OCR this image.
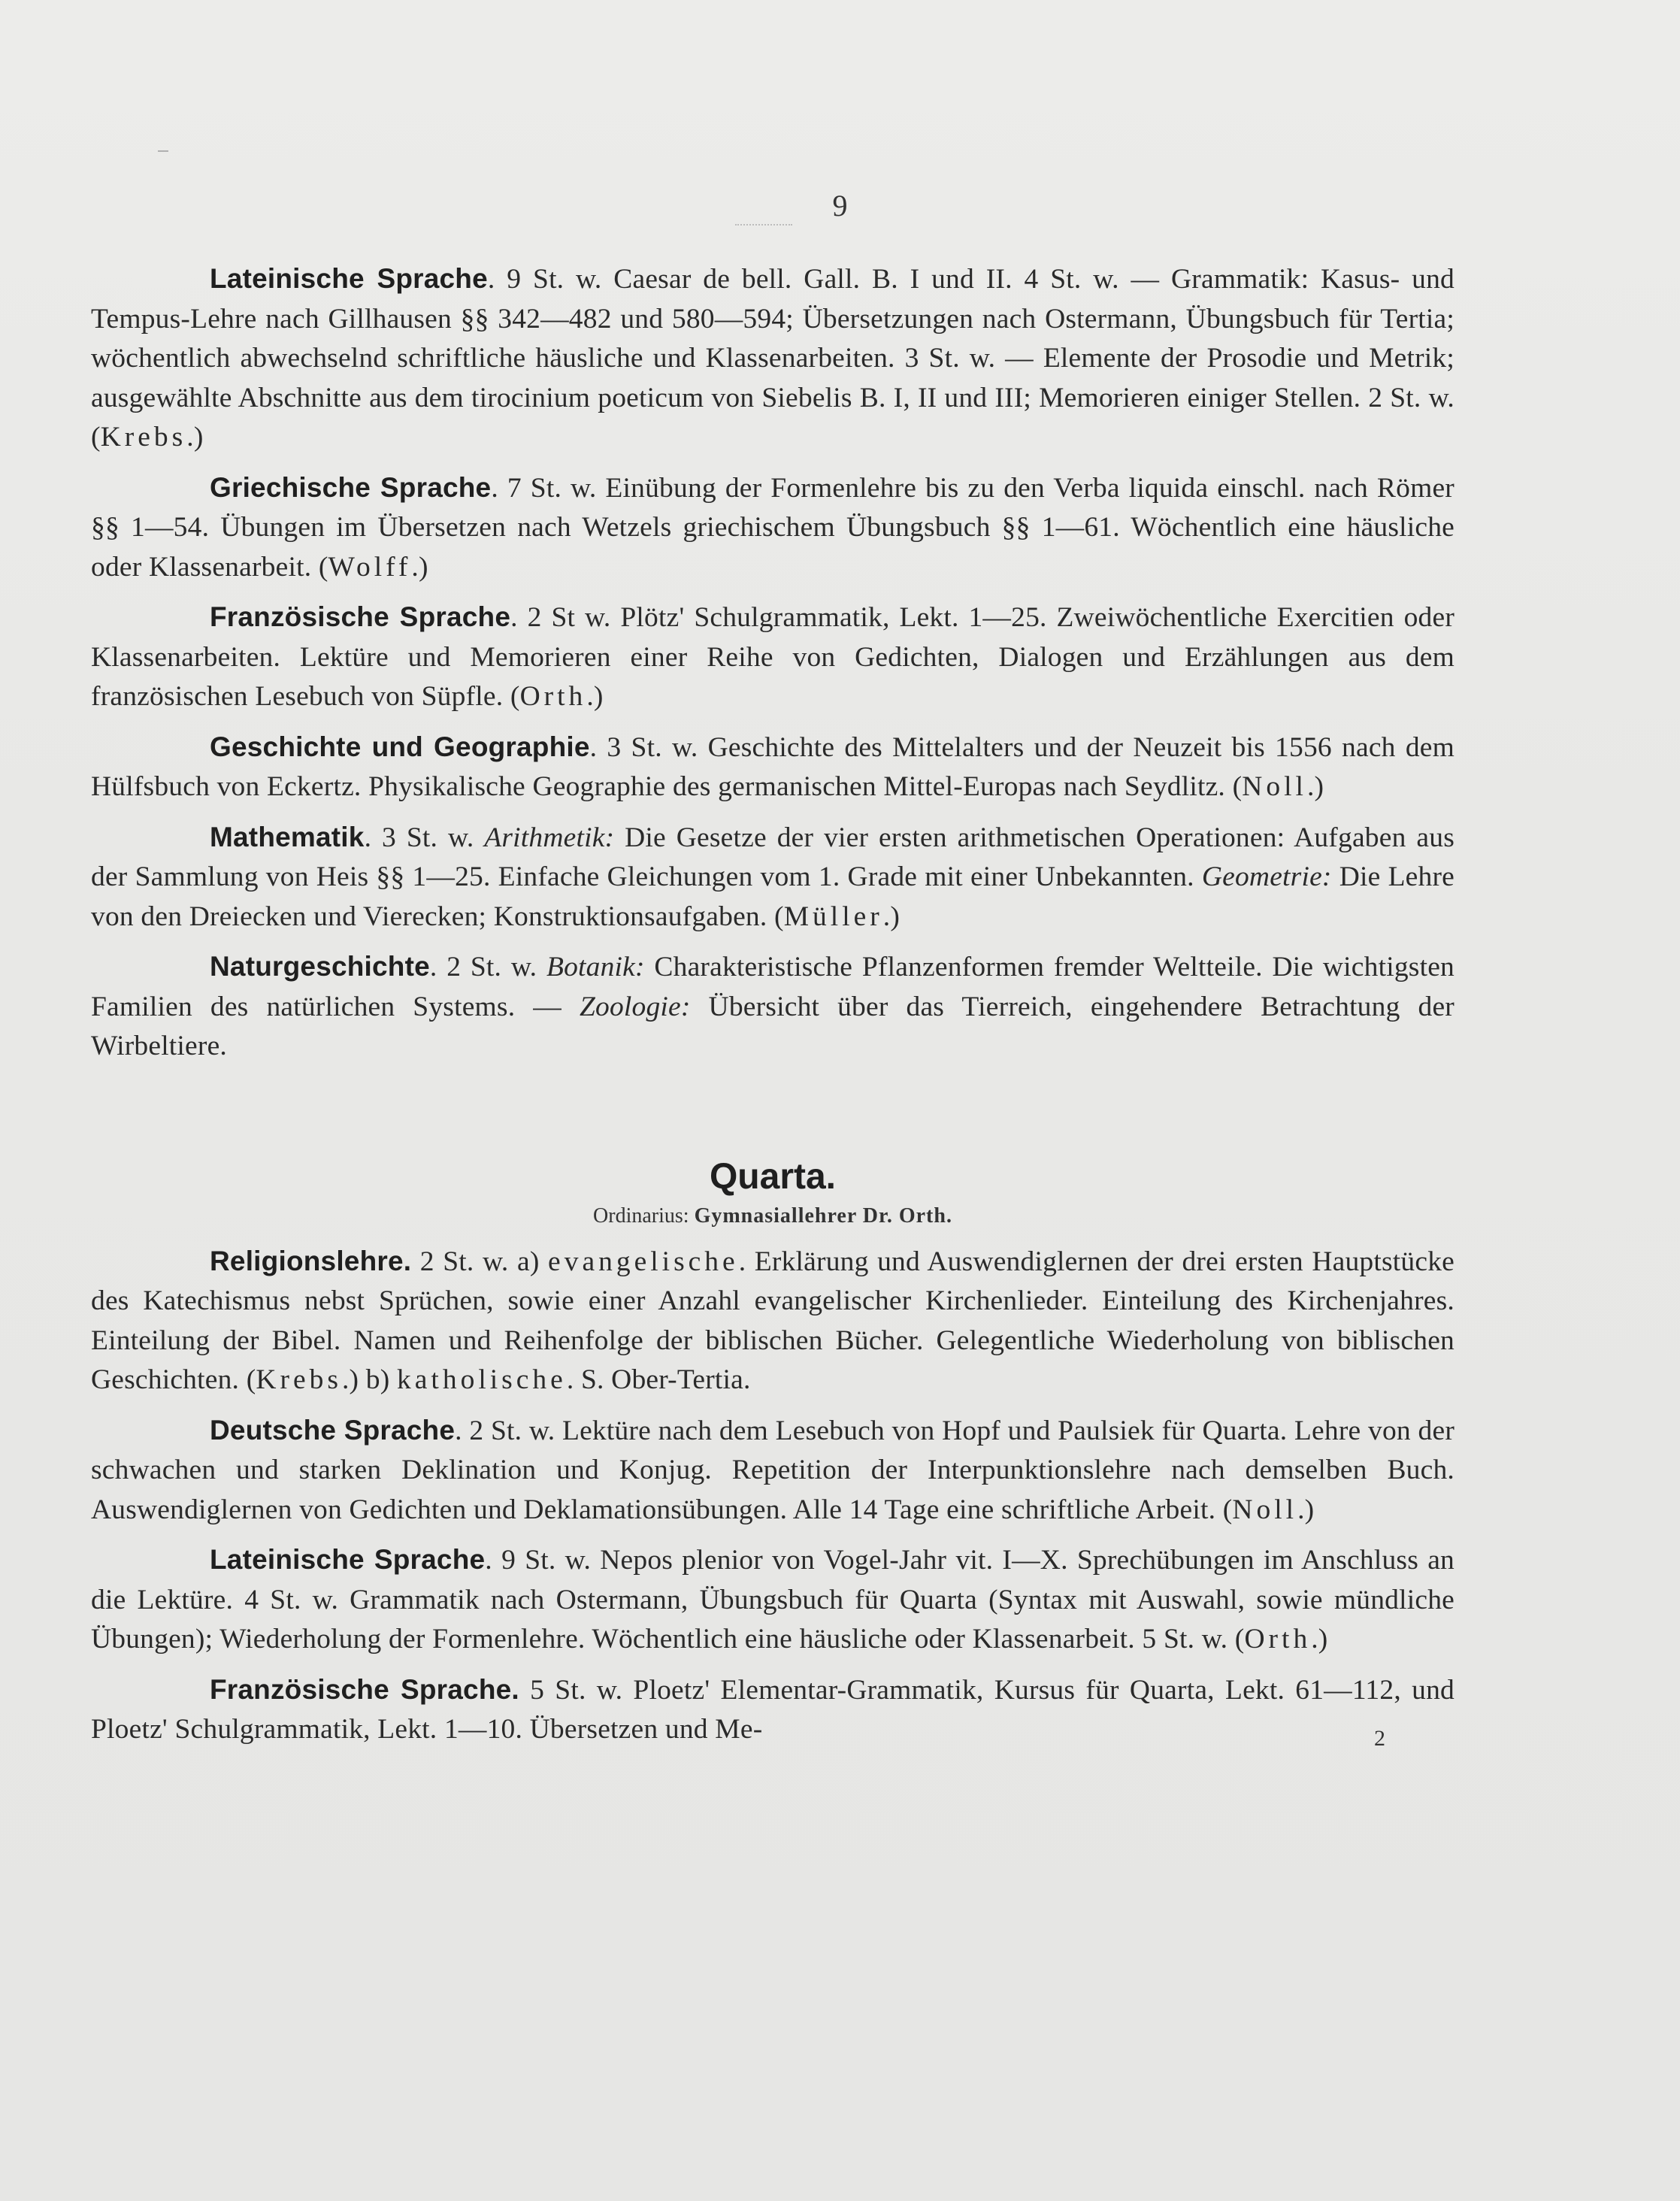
9

Lateinische Sprache. 9 St. w. Caesar de bell. Gall. B. I und II. 4 St. w. — Grammatik: Kasus- und Tempus-Lehre nach Gillhausen §§ 342—482 und 580—594; Übersetzungen nach Ostermann, Übungsbuch für Tertia; wöchentlich abwechselnd schriftliche häusliche und Klassenarbeiten. 3 St. w. — Elemente der Prosodie und Metrik; ausgewählte Abschnitte aus dem tirocinium poeticum von Siebelis B. I, II und III; Memorieren einiger Stellen. 2 St. w. (Krebs.)

Griechische Sprache. 7 St. w. Einübung der Formenlehre bis zu den Verba liquida einschl. nach Römer §§ 1—54. Übungen im Übersetzen nach Wetzels griechischem Übungsbuch §§ 1—61. Wöchentlich eine häusliche oder Klassenarbeit. (Wolff.)

Französische Sprache. 2 St w. Plötz' Schulgrammatik, Lekt. 1—25. Zweiwöchentliche Exercitien oder Klassenarbeiten. Lektüre und Memorieren einer Reihe von Gedichten, Dialogen und Erzählungen aus dem französischen Lesebuch von Süpfle. (Orth.)

Geschichte und Geographie. 3 St. w. Geschichte des Mittelalters und der Neuzeit bis 1556 nach dem Hülfsbuch von Eckertz. Physikalische Geographie des germanischen Mittel-Europas nach Seydlitz. (Noll.)

Mathematik. 3 St. w. Arithmetik: Die Gesetze der vier ersten arithmetischen Operationen: Aufgaben aus der Sammlung von Heis §§ 1—25. Einfache Gleichungen vom 1. Grade mit einer Unbekannten. Geometrie: Die Lehre von den Dreiecken und Vierecken; Konstruktionsaufgaben. (Müller.)

Naturgeschichte. 2 St. w. Botanik: Charakteristische Pflanzenformen fremder Weltteile. Die wichtigsten Familien des natürlichen Systems. — Zoologie: Übersicht über das Tierreich, eingehendere Betrachtung der Wirbeltiere.

Quarta.
Ordinarius: Gymnasiallehrer Dr. Orth.

Religionslehre. 2 St. w. a) evangelische. Erklärung und Auswendiglernen der drei ersten Hauptstücke des Katechismus nebst Sprüchen, sowie einer Anzahl evangelischer Kirchenlieder. Einteilung des Kirchenjahres. Einteilung der Bibel. Namen und Reihenfolge der biblischen Bücher. Gelegentliche Wiederholung von biblischen Geschichten. (Krebs.) b) katholische. S. Ober-Tertia.

Deutsche Sprache. 2 St. w. Lektüre nach dem Lesebuch von Hopf und Paulsiek für Quarta. Lehre von der schwachen und starken Deklination und Konjug. Repetition der Interpunktionslehre nach demselben Buch. Auswendiglernen von Gedichten und Deklamationsübungen. Alle 14 Tage eine schriftliche Arbeit. (Noll.)

Lateinische Sprache. 9 St. w. Nepos plenior von Vogel-Jahr vit. I—X. Sprechübungen im Anschluss an die Lektüre. 4 St. w. Grammatik nach Ostermann, Übungsbuch für Quarta (Syntax mit Auswahl, sowie mündliche Übungen); Wiederholung der Formenlehre. Wöchentlich eine häusliche oder Klassenarbeit. 5 St. w. (Orth.)

Französische Sprache. 5 St. w. Ploetz' Elementar-Grammatik, Kursus für Quarta, Lekt. 61—112, und Ploetz' Schulgrammatik, Lekt. 1—10. Übersetzen und Me-	2
